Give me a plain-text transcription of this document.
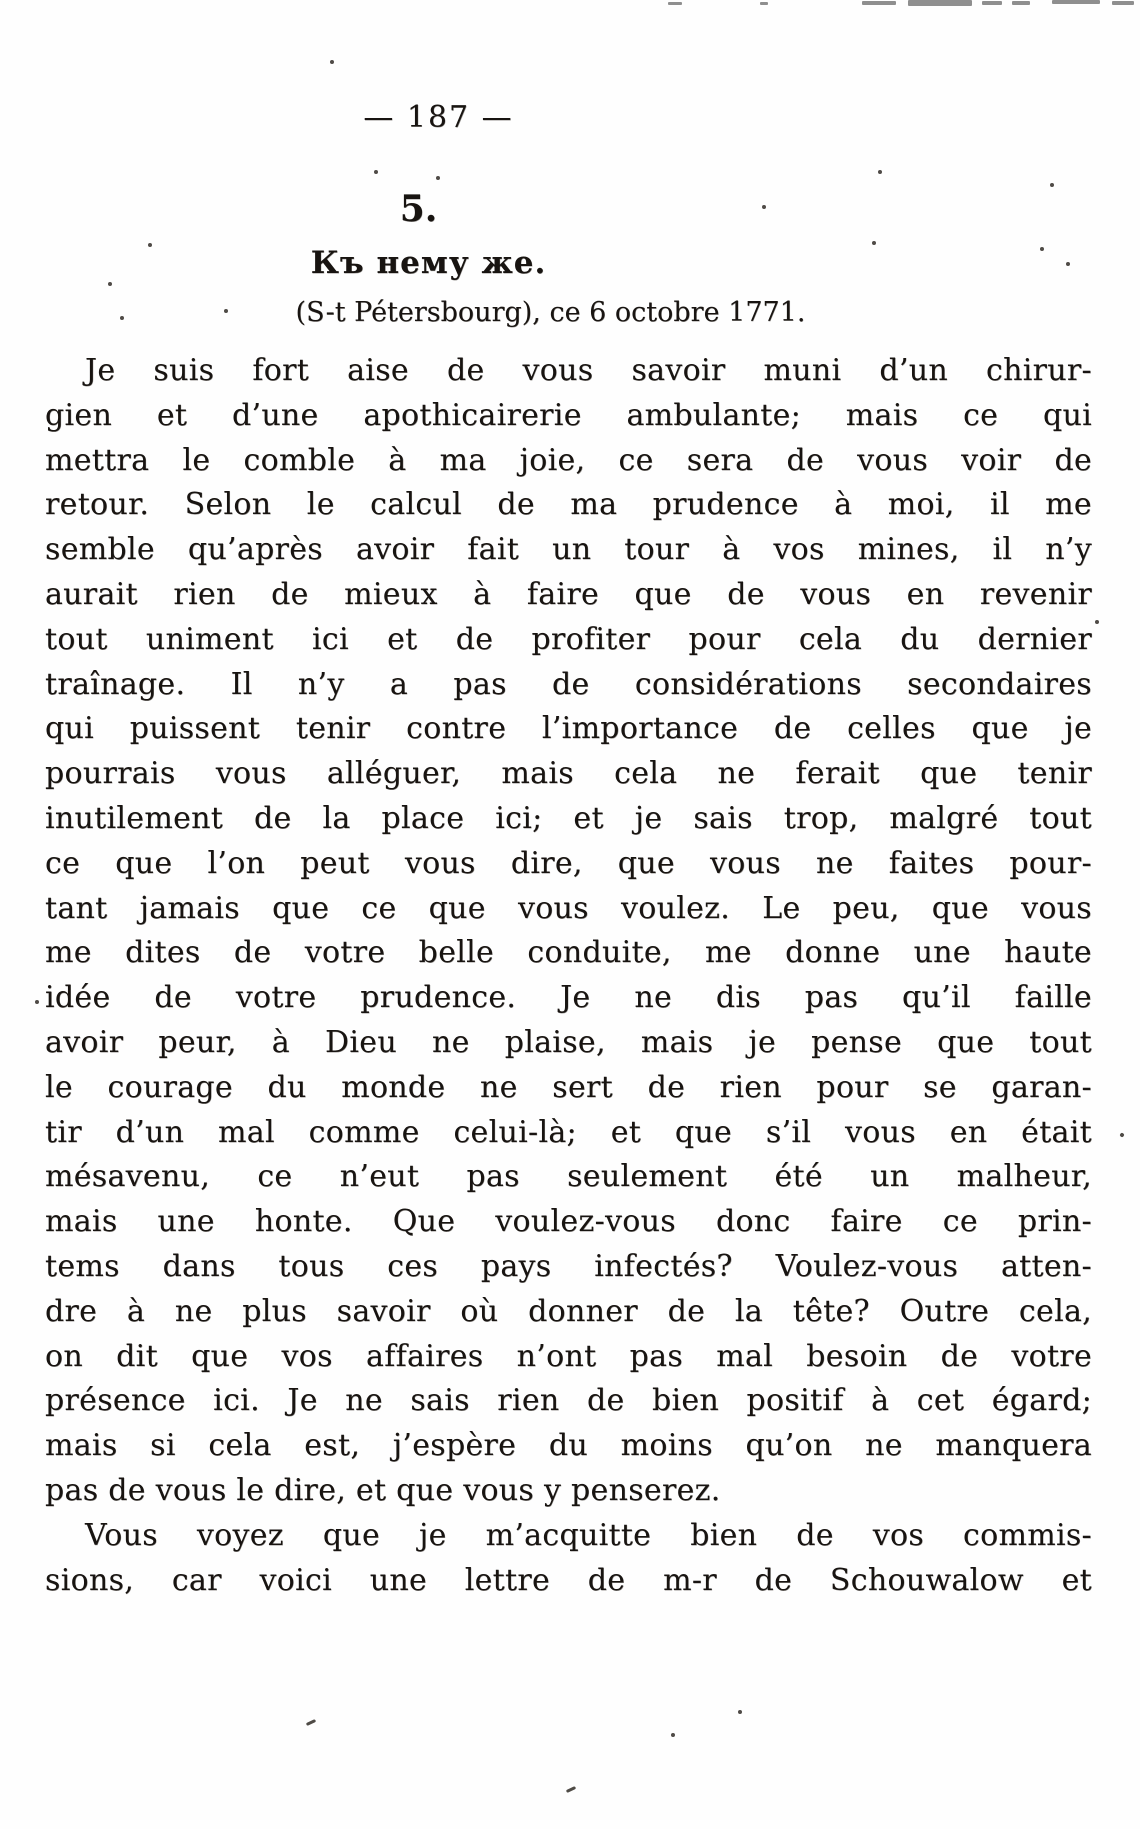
— 187 —
5.
Къ нему же.
(S-t Pétersbourg), ce 6 octobre 1771.
Je suis fort aise de vous savoir muni d’un chirur-
gien et d’une apothicairerie ambulante; mais ce qui
mettra le comble à ma joie, ce sera de vous voir de
retour. Selon le calcul de ma prudence à moi, il me
semble qu’après avoir fait un tour à vos mines, il n’y
aurait rien de mieux à faire que de vous en revenir
tout uniment ici et de profiter pour cela du dernier
traînage. Il n’y a pas de considérations secondaires
qui puissent tenir contre l’importance de celles que je
pourrais vous alléguer, mais cela ne ferait que tenir
inutilement de la place ici; et je sais trop, malgré tout
ce que l’on peut vous dire, que vous ne faites pour-
tant jamais que ce que vous voulez. Le peu, que vous
me dites de votre belle conduite, me donne une haute
idée de votre prudence. Je ne dis pas qu’il faille
avoir peur, à Dieu ne plaise, mais je pense que tout
le courage du monde ne sert de rien pour se garan-
tir d’un mal comme celui-là; et que s’il vous en était
mésavenu, ce n’eut pas seulement été un malheur,
mais une honte. Que voulez-vous donc faire ce prin-
tems dans tous ces pays infectés? Voulez-vous atten-
dre à ne plus savoir où donner de la tête? Outre cela,
on dit que vos affaires n’ont pas mal besoin de votre
présence ici. Je ne sais rien de bien positif à cet égard;
mais si cela est, j’espère du moins qu’on ne manquera
pas de vous le dire, et que vous y penserez.
Vous voyez que je m’acquitte bien de vos commis-
sions, car voici une lettre de m-r de Schouwalow et
